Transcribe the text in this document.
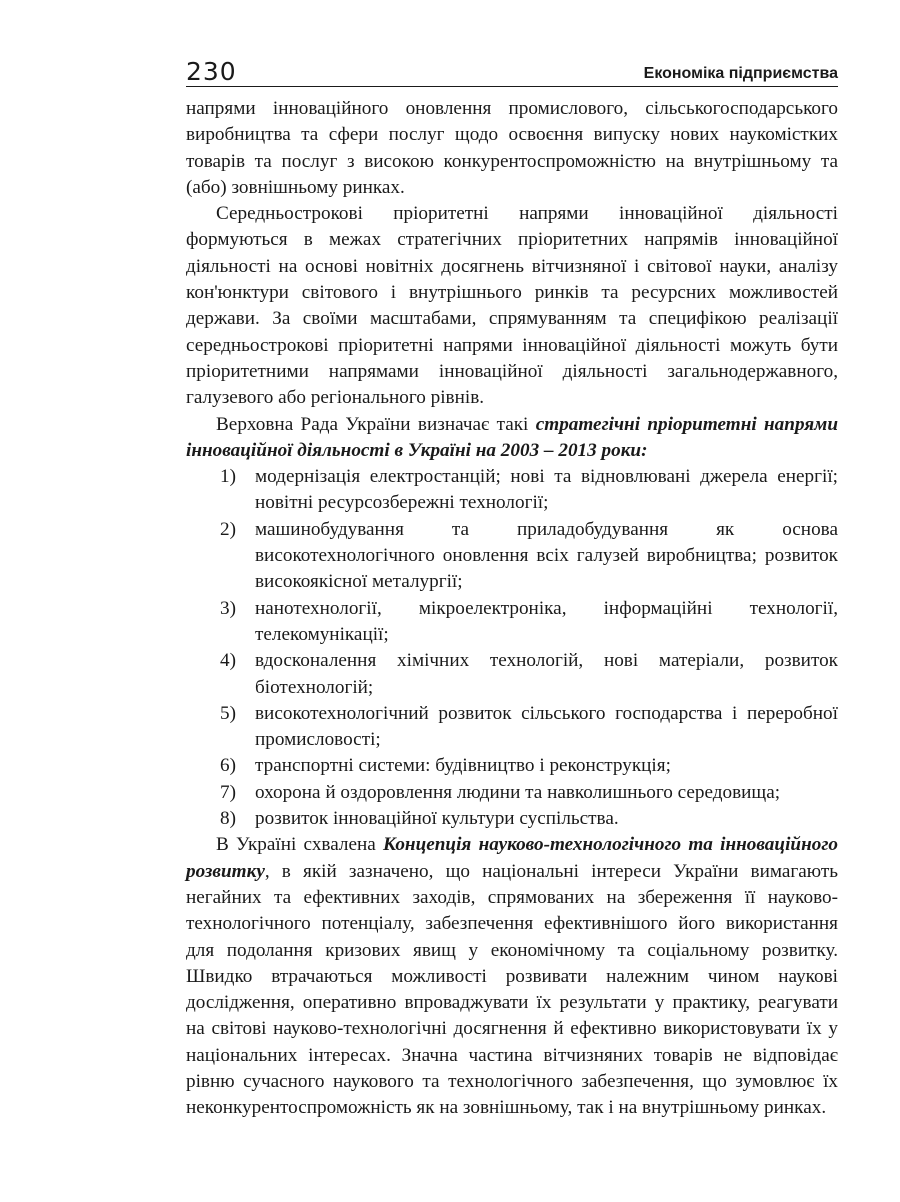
230	Економіка підприємства

напрями інноваційного оновлення промислового, сільськогосподарського виробництва та сфери послуг щодо освоєння випуску нових наукомістких товарів та послуг з високою конкурентоспроможністю на внутрішньому та (або) зовнішньому ринках.

Середньострокові пріоритетні напрями інноваційної діяльності формуються в межах стратегічних пріоритетних напрямів інноваційної діяльності на основі новітніх досягнень вітчизняної і світової науки, аналізу кон'юнктури світового і внутрішнього ринків та ресурсних можливостей держави. За своїми масштабами, спрямуванням та специфікою реалізації середньострокові пріоритетні напрями інноваційної діяльності можуть бути пріоритетними напрямами інноваційної діяльності загальнодержавного, галузевого або регіонального рівнів.

Верховна Рада України визначає такі стратегічні пріоритетні напрями інноваційної діяльності в Україні на 2003 – 2013 роки:

1) модернізація електростанцій; нові та відновлювані джерела енергії; новітні ресурсозбережні технології;
2) машинобудування та приладобудування як основа високотехнологічного оновлення всіх галузей виробництва; розвиток високоякісної металургії;
3) нанотехнології, мікроелектроніка, інформаційні технології, телекомунікації;
4) вдосконалення хімічних технологій, нові матеріали, розвиток біотехнологій;
5) високотехнологічний розвиток сільського господарства і переробної промисловості;
6) транспортні системи: будівництво і реконструкція;
7) охорона й оздоровлення людини та навколишнього середовища;
8) розвиток інноваційної культури суспільства.

В Україні схвалена Концепція науково-технологічного та інноваційного розвитку, в якій зазначено, що національні інтереси України вимагають негайних та ефективних заходів, спрямованих на збереження її науково-технологічного потенціалу, забезпечення ефективнішого його використання для подолання кризових явищ у економічному та соціальному розвитку. Швидко втрачаються можливості розвивати належним чином наукові дослідження, оперативно впроваджувати їх результати у практику, реагувати на світові науково-технологічні досягнення й ефективно використовувати їх у національних інтересах. Значна частина вітчизняних товарів не відповідає рівню сучасного наукового та технологічного забезпечення, що зумовлює їх неконкурентоспроможність як на зовнішньому, так і на внутрішньому ринках.
